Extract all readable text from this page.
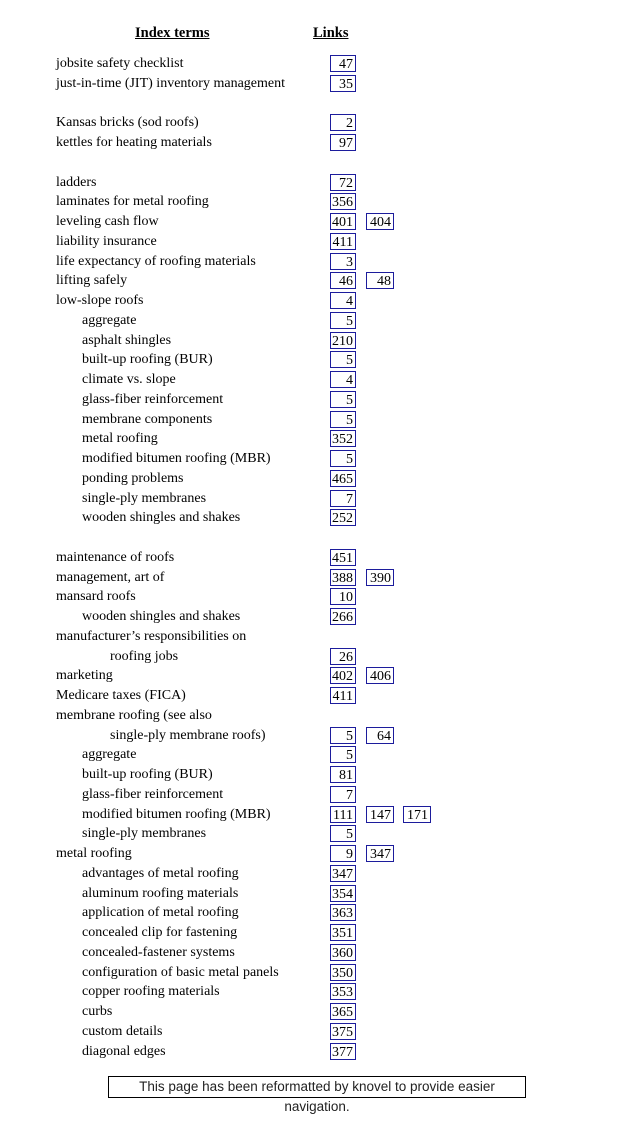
Index terms	Links
jobsite safety checklist	47
just-in-time (JIT) inventory management	35
Kansas bricks (sod roofs)	2
kettles for heating materials	97
ladders	72
laminates for metal roofing	356
leveling cash flow	401 404
liability insurance	411
life expectancy of roofing materials	3
lifting safely	46	48
low-slope roofs	4
aggregate	5
asphalt shingles	210
built-up roofing (BUR)	5
climate vs. slope	4
glass-fiber reinforcement	5
membrane components	5
metal roofing	352
modified bitumen roofing (MBR)	5
ponding problems	465
single-ply membranes	7
wooden shingles and shakes	252
maintenance of roofs	451
management, art of	388 390
mansard roofs	10
wooden shingles and shakes	266
manufacturer’s responsibilities on
roofing jobs	26
marketing	402 406
Medicare taxes (FICA)	411
membrane roofing (see also
single-ply membrane roofs)	5	64
aggregate	5
built-up roofing (BUR)	81
glass-fiber reinforcement	7
modified bitumen roofing (MBR)	111 147 171
single-ply membranes	5
metal roofing	9 347
advantages of metal roofing	347
aluminum roofing materials	354
application of metal roofing	363
concealed clip for fastening	351
concealed-fastener systems	360
configuration of basic metal panels	350
copper roofing materials	353
curbs	365
custom details	375
diagonal edges	377
This page has been reformatted by knovel to provide easier navigation.
